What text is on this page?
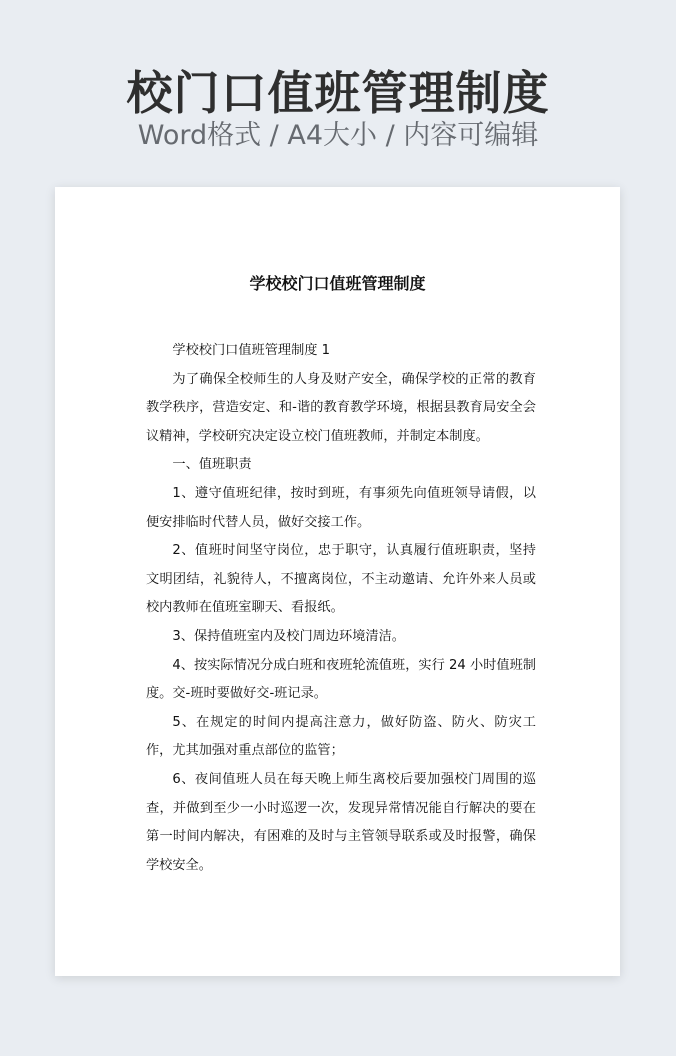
校门口值班管理制度
Word格式 / A4大小 / 内容可编辑
学校校门口值班管理制度

学校校门口值班管理制度 1

为了确保全校师生的人身及财产安全，确保学校的正常的教育教学秩序，营造安定、和-谐的教育教学环境，根据县教育局安全会议精神，学校研究决定设立校门值班教师，并制定本制度。

一、值班职责

1、遵守值班纪律，按时到班，有事须先向值班领导请假，以便安排临时代替人员，做好交接工作。

2、值班时间坚守岗位，忠于职守，认真履行值班职责，坚持文明团结，礼貌待人，不擅离岗位，不主动邀请、允许外来人员或校内教师在值班室聊天、看报纸。

3、保持值班室内及校门周边环境清洁。

4、按实际情况分成白班和夜班轮流值班，实行 24 小时值班制度。交-班时要做好交-班记录。

5、在规定的时间内提高注意力，做好防盗、防火、防灾工作，尤其加强对重点部位的监管；

6、夜间值班人员在每天晚上师生离校后要加强校门周围的巡查，并做到至少一小时巡逻一次，发现异常情况能自行解决的要在第一时间内解决，有困难的及时与主管领导联系或及时报警，确保学校安全。
